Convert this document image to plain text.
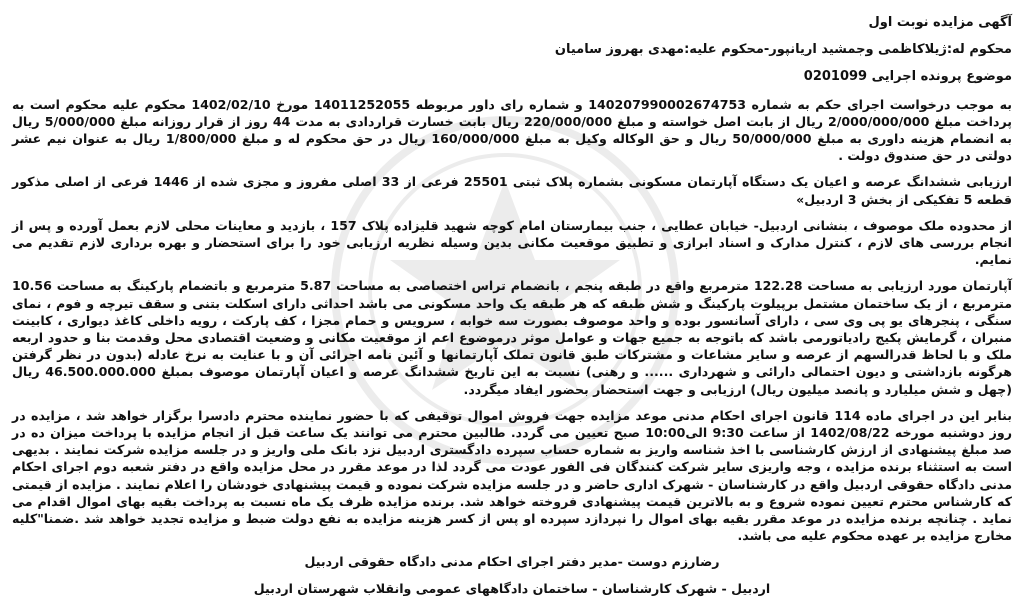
آگهی مزایده نوبت اول

محکوم له:ژیلاکاظمی وجمشید اریانپور-محکوم علیه:مهدی بهروز سامیان

موضوع پرونده اجرایی 0201099

به موجب درخواست اجرای حکم به شماره 140207990002674753 و شماره رای داور مربوطه 14011252055 مورخ 1402/02/10 محکوم علیه محکوم است به پرداخت مبلغ 2/000/000/000 ریال از بابت اصل خواسته و مبلغ 220/000/000 ریال بابت خسارت قراردادی به مدت 44 روز از قرار روزانه مبلغ 5/000/000 ریال به انضمام هزینه داوری به مبلغ 50/000/000 ریال و حق الوکاله وکیل به مبلغ 160/000/000 ریال در حق محکوم له و مبلغ 1/800/000 ریال به عنوان نیم عشر دولتی در حق صندوق دولت .

ارزیابی ششدانگ عرصه و اعیان یک دستگاه آپارتمان مسکونی بشماره پلاک ثبتی 25501 فرعی از 33 اصلی مفروز و مجزی شده از 1446 فرعی از اصلی مذکور قطعه 5 تفکیکی از بخش 3 اردبیل»

از محدوده ملک موصوف ، بنشانی اردبیل- خیابان عطایی ، جنب بیمارستان امام کوچه شهید قلیزاده پلاک 157 ، بازدید و معاینات محلی لازم بعمل آورده و پس از انجام بررسی های لازم ، کنترل مدارک و اسناد ابرازی و تطبیق موقعیت مکانی بدین وسیله نظریه ارزیابی خود را برای استحضار و بهره برداری لازم تقدیم می نمایم.

آپارتمان مورد ارزیابی به مساحت 122.28 مترمربع واقع در طبقه پنجم ، بانضمام تراس اختصاصی به مساحت 5.87 مترمربع و باتضمام پارکینگ به مساحت 10.56 مترمربع ، از یک ساختمان مشتمل برپیلوت پارکینگ و شش طبقه که هر طبقه یک واحد مسکونی می باشد احداثی دارای اسکلت بتنی و سقف تیرچه و فوم ، نمای سنگی ، پنجرهای یو پی وی سی ، دارای آسانسور بوده و واحد موصوف بصورت سه خوابه ، سرویس و حمام مجزا ، کف پارکت ، رویه داخلی کاغذ دیواری ، کابینت منبران ، گرمایش پکیج رادیاتورمی باشد که باتوجه به جمیع جهات و عوامل موثر درموضوع اعم از موقعیت مکانی و وضعیت اقتصادی محل وقدمت بنا و حدود اربعه ملک و با لحاظ قدرالسهم از عرصه و سایر مشاعات و مشترکات طبق قانون تملک آپارتمانها و آئین نامه اجرائی آن و با عنایت به نرخ عادله (بدون در نظر گرفتن هرگونه بازداشتی و دیون احتمالی دارائی و شهرداری ...... و رهنی) نسبت به این تاریخ ششدانگ عرصه و اعیان آپارتمان موصوف بمبلغ 46.500.000.000 ریال (چهل و شش میلیارد و پانصد میلیون ریال) ارزیابی و جهت استحضار بحضور ایفاد میگردد.

بنابر این در اجرای ماده 114 قانون اجرای احکام مدنی موعد مزایده جهت فروش اموال توقیفی که با حضور نماینده محترم دادسرا برگزار خواهد شد ، مزایده در روز دوشنبه مورخه 1402/08/22 از ساعت 9:30 الی10:00 صبح تعیین می گردد. طالبین محترم می توانند یک ساعت قبل از انجام مزایده با پرداخت میزان ده در صد مبلغ پیشنهادی از ارزش کارشناسی با اخذ شناسه واریز به شماره حساب سپرده دادگستری اردبیل نزد بانک ملی واریز و در جلسه مزایده شرکت نمایند . بدیهی است به استثناء برنده مزایده ، وجه واریزی سایر شرکت کنندگان فی الفور عودت می گردد لذا در موعد مقرر در محل مزایده واقع در دفتر شعبه دوم اجرای احکام مدنی دادگاه حقوقی اردبیل واقع در کارشناسان - شهرک اداری حاضر و در جلسه مزایده شرکت نموده و قیمت پیشنهادی خودشان را اعلام نمایند . مزایده از قیمتی که کارشناس محترم تعیین نموده شروع و به بالاترین قیمت پیشنهادی فروخته خواهد شد. برنده مزایده ظرف یک ماه نسبت به پرداخت بقیه بهای اموال اقدام می نماید . چنانچه برنده مزایده در موعد مقرر بقیه بهای اموال را نپردازد سپرده او پس از کسر هزینه مزایده به نفع دولت ضبط و مزایده تجدید خواهد شد .ضمنا"کلیه مخارج مزایده بر عهده محکوم علیه می باشد.

رضارزم دوست -مدیر دفتر اجرای احکام مدنی دادگاه حقوقی اردبیل

اردبیل - شهرک کارشناسان - ساختمان دادگاههای عمومی وانقلاب شهرستان اردبیل
